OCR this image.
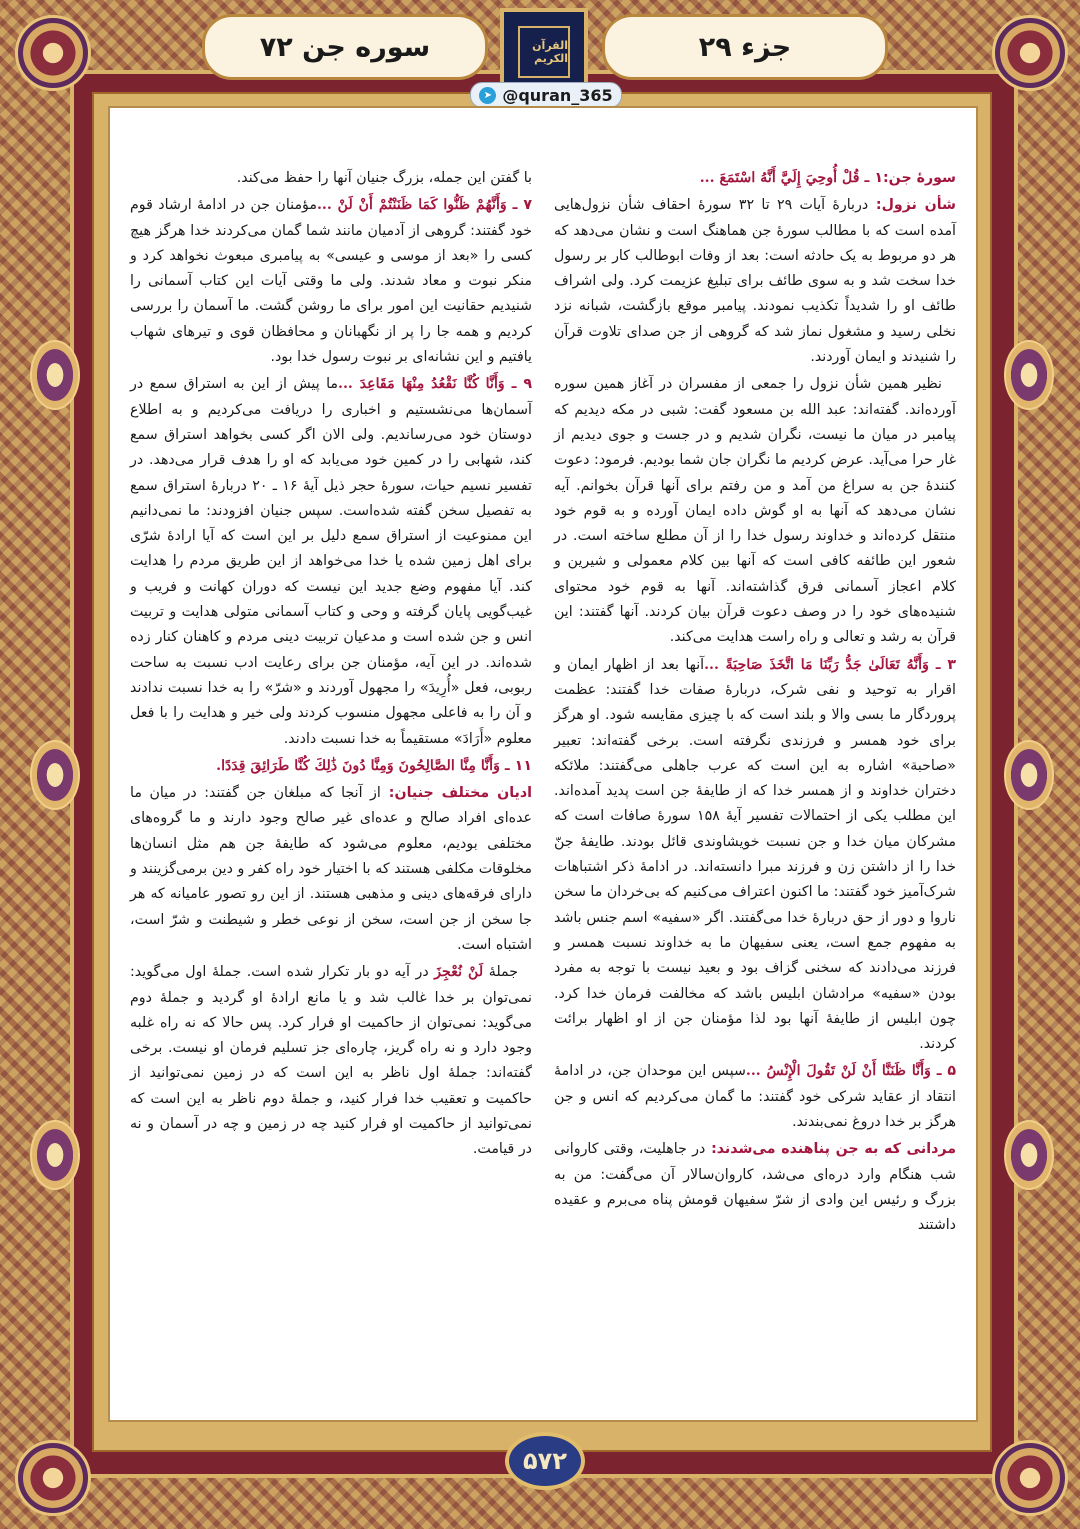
جزء ۲۹
سوره جن ۷۲	القرآن الكريم
➤ @quran_365

سورۀ جن:۱ ـ قُلْ أُوحِيَ إِلَيَّ أَنَّهُ اسْتَمَعَ ...

شأن نزول: دربارۀ آیات ۲۹ تا ۳۲ سورۀ احقاف شأن نزول‌هایی آمده است که با مطالب سورۀ جن هماهنگ است و نشان می‌دهد که هر دو مربوط به یک حادثه است: بعد از وفات ابوطالب کار بر رسول خدا سخت شد و به سوی طائف برای تبلیغ عزیمت کرد. ولی اشراف طائف او را شدیداً تکذیب نمودند. پیامبر موقع بازگشت، شبانه نزد نخلی رسید و مشغول نماز شد که گروهی از جن صدای تلاوت قرآن را شنیدند و ایمان آوردند.

نظیر همین شأن نزول را جمعی از مفسران در آغاز همین سوره آورده‌اند. گفته‌اند: عبد الله بن مسعود گفت: شبی در مکه دیدیم که پیامبر در میان ما نیست، نگران شدیم و در جست و جوی دیدیم از غار حرا می‌آید. عرض کردیم ما نگران جان شما بودیم. فرمود: دعوت کنندۀ جن به سراغ من آمد و من رفتم برای آنها قرآن بخوانم. آیه نشان می‌دهد که آنها به او گوش داده ایمان آورده و به قوم خود منتقل کرده‌اند و خداوند رسول خدا را از آن مطلع ساخته است. در شعور این طائفه کافی است که آنها بین کلام معمولی و شیرین و کلام اعجاز آسمانی فرق گذاشته‌اند. آنها به قوم خود محتوای شنیده‌های خود را در وصف دعوت قرآن بیان کردند. آنها گفتند: این قرآن به رشد و تعالی و راه راست هدایت می‌کند.

۳ ـ وَأَنَّهُ تَعَالَىٰ جَدُّ رَبِّنَا مَا اتَّخَذَ صَاحِبَةً ...آنها بعد از اظهار ایمان و اقرار به توحید و نفی شرک، دربارۀ صفات خدا گفتند: عظمت پروردگار ما بسی والا و بلند است که با چیزی مقایسه شود. او هرگز برای خود همسر و فرزندی نگرفته است. برخی گفته‌اند: تعبیر «صاحبة» اشاره به این است که عرب جاهلی می‌گفتند: ملائکه دختران خداوند و از همسر خدا که از طایفۀ جن است پدید آمده‌اند. این مطلب یکی از احتمالات تفسیر آیۀ ۱۵۸ سورۀ صافات است که مشرکان میان خدا و جن نسبت خویشاوندی قائل بودند. طایفۀ جنّ خدا را از داشتن زن و فرزند مبرا دانسته‌اند. در ادامۀ ذکر اشتباهات شرک‌آمیز خود گفتند: ما اکنون اعتراف می‌کنیم که بی‌خردان ما سخن ناروا و دور از حق دربارۀ خدا می‌گفتند. اگر «سفیه» اسم جنس باشد به مفهوم جمع است، یعنی سفیهان ما به خداوند نسبت همسر و فرزند می‌دادند که سخنی گزاف بود و بعید نیست با توجه به مفرد بودن «سفیه» مرادشان ابلیس باشد که مخالفت فرمان خدا کرد. چون ابلیس از طایفۀ آنها بود لذا مؤمنان جن از او اظهار برائت کردند.

۵ ـ وَأَنَّا ظَنَنَّا أَنْ لَنْ تَقُولَ الْإِنْسُ ...سپس این موحدان جن، در ادامۀ انتقاد از عقاید شرکی خود گفتند: ما گمان می‌کردیم که انس و جن هرگز بر خدا دروغ نمی‌بندند.

مردانی که به جن پناهنده می‌شدند: در جاهلیت، وقتی کاروانی شب هنگام وارد دره‌ای می‌شد، کاروان‌سالار آن می‌گفت: من به بزرگ و رئیس این وادی از شرّ سفیهان قومش پناه می‌برم و عقیده داشتند

با گفتن این جمله، بزرگ جنیان آنها را حفظ می‌کند.

۷ ـ وَأَنَّهُمْ ظَنُّوا كَمَا ظَنَنْتُمْ أَنْ لَنْ ...مؤمنان جن در ادامۀ ارشاد قوم خود گفتند: گروهی از آدمیان مانند شما گمان می‌کردند خدا هرگز هیچ کسی را «بعد از موسی و عیسی» به پیامبری مبعوث نخواهد کرد و منکر نبوت و معاد شدند. ولی ما وقتی آیات این کتاب آسمانی را شنیدیم حقانیت این امور برای ما روشن گشت. ما آسمان را بررسی کردیم و همه جا را پر از نگهبانان و محافظان قوی و تیرهای شهاب یافتیم و این نشانه‌ای بر نبوت رسول خدا بود.

۹ ـ وَأَنَّا كُنَّا نَقْعُدُ مِنْهَا مَقَاعِدَ ...ما پیش از این به استراق سمع در آسمان‌ها می‌نشستیم و اخباری را دریافت می‌کردیم و به اطلاع دوستان خود می‌رساندیم. ولی الان اگر کسی بخواهد استراق سمع کند، شهابی را در کمین خود می‌یابد که او را هدف قرار می‌دهد. در تفسیر نسیم حیات، سورۀ حجر ذیل آیۀ ۱۶ ـ ۲۰ دربارۀ استراق سمع به تفصیل سخن گفته شده‌است. سپس جنیان افزودند: ما نمی‌دانیم این ممنوعیت از استراق سمع دلیل بر این است که آیا ارادۀ شرّی برای اهل زمین شده یا خدا می‌خواهد از این طریق مردم را هدایت کند. آیا مفهوم وضع جدید این نیست که دوران کهانت و فریب و غیب‌گویی پایان گرفته و وحی و کتاب آسمانی متولی هدایت و تربیت انس و جن شده است و مدعیان تربیت دینی مردم و کاهنان کنار زده شده‌اند. در این آیه، مؤمنان جن برای رعایت ادب نسبت به ساحت ربوبی، فعل «أُرِيدَ» را مجهول آوردند و «شرّ» را به خدا نسبت ندادند و آن را به فاعلی مجهول منسوب کردند ولی خیر و هدایت را با فعل معلوم «أَرَادَ» مستقیماً به خدا نسبت دادند.

۱۱ ـ وَأَنَّا مِنَّا الصَّالِحُونَ وَمِنَّا دُونَ ذَٰلِكَ كُنَّا طَرَائِقَ قِدَدًا.

ادیان مختلف جنیان: از آنجا که مبلغان جن گفتند: در میان ما عده‌ای افراد صالح و عده‌ای غیر صالح وجود دارند و ما گروه‌های مختلفی بودیم، معلوم می‌شود که طایفۀ جن هم مثل انسان‌ها مخلوقات مکلفی هستند که با اختیار خود راه کفر و دین برمی‌گزینند و دارای فرقه‌های دینی و مذهبی هستند. از این رو تصور عامیانه که هر جا سخن از جن است، سخن از نوعی خطر و شیطنت و شرّ است، اشتباه است.

جملۀ لَنْ نُعْجِزَ در آیه دو بار تکرار شده است. جملۀ اول می‌گوید: نمی‌توان بر خدا غالب شد و یا مانع ارادۀ او گردید و جملۀ دوم می‌گوید: نمی‌توان از حاکمیت او فرار کرد. پس حالا که نه راه غلبه وجود دارد و نه راه گریز، چاره‌ای جز تسلیم فرمان او نیست. برخی گفته‌اند: جملۀ اول ناظر به این است که در زمین نمی‌توانید از حاکمیت و تعقیب خدا فرار کنید، و جملۀ دوم ناظر به این است که نمی‌توانید از حاکمیت او فرار کنید چه در زمین و چه در آسمان و نه در قیامت.

۵۷۲
